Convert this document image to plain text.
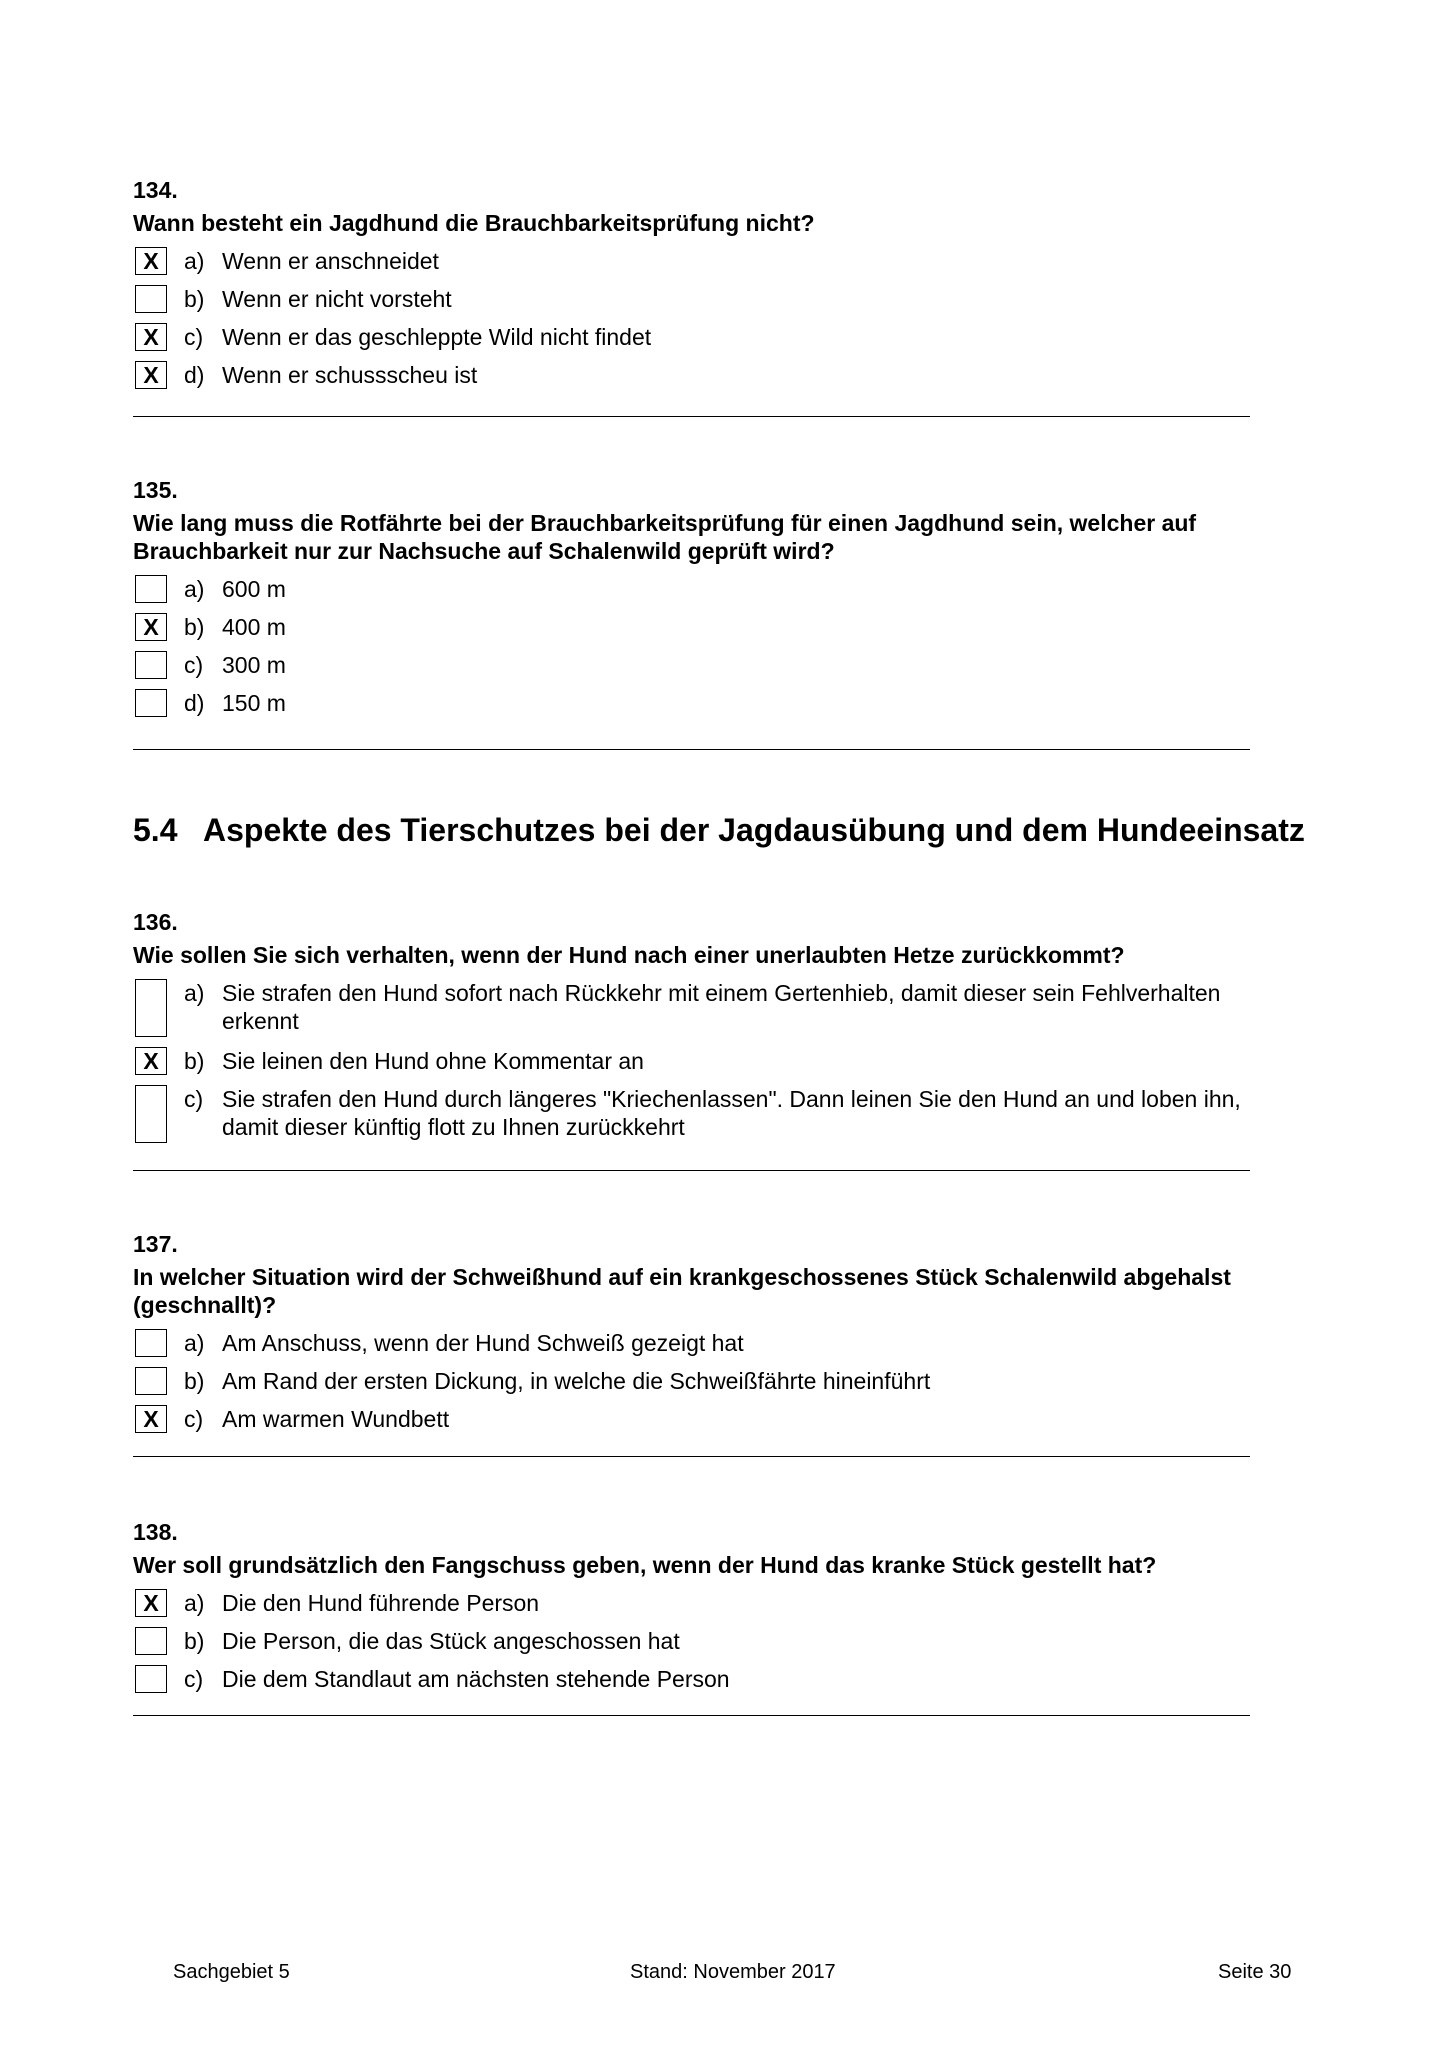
134.
Wann besteht ein Jagdhund die Brauchbarkeitsprüfung nicht?
X	a) Wenn er anschneidet
b) Wenn er nicht vorsteht
X	c) Wenn er das geschleppte Wild nicht findet
X	d) Wenn er schussscheu ist
135.
Wie lang muss die Rotfährte bei der Brauchbarkeitsprüfung für einen Jagdhund sein, welcher auf Brauchbarkeit nur zur Nachsuche auf Schalenwild geprüft wird?
a) 600 m
X	b) 400 m
c) 300 m
d) 150 m
5.4 Aspekte des Tierschutzes bei der Jagdausübung und dem Hundeeinsatz
136.
Wie sollen Sie sich verhalten, wenn der Hund nach einer unerlaubten Hetze zurückkommt?
a) Sie strafen den Hund sofort nach Rückkehr mit einem Gertenhieb, damit dieser sein Fehlverhalten erkennt
X	b) Sie leinen den Hund ohne Kommentar an
c) Sie strafen den Hund durch längeres "Kriechenlassen". Dann leinen Sie den Hund an und loben ihn, damit dieser künftig flott zu Ihnen zurückkehrt
137.
In welcher Situation wird der Schweißhund auf ein krankgeschossenes Stück Schalenwild abgehalst (geschnallt)?
a) Am Anschuss, wenn der Hund Schweiß gezeigt hat
b) Am Rand der ersten Dickung, in welche die Schweißfährte hineinführt
X	c) Am warmen Wundbett
138.
Wer soll grundsätzlich den Fangschuss geben, wenn der Hund das kranke Stück gestellt hat?
X	a) Die den Hund führende Person
b) Die Person, die das Stück angeschossen hat
c) Die dem Standlaut am nächsten stehende Person
Sachgebiet 5	Stand: November 2017	Seite 30
